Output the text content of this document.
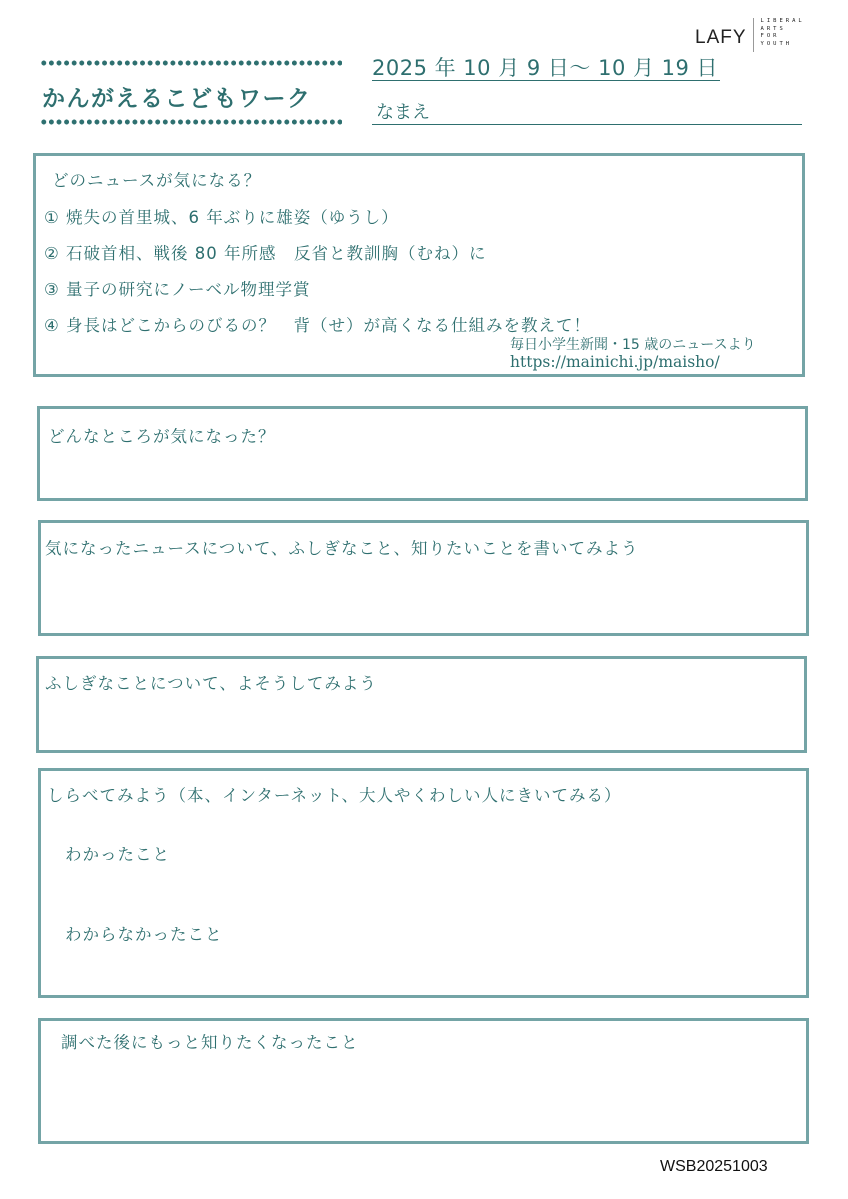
LAFY
LIBERAL
ARTS
FOR
YOUTH
かんがえるこどもワーク
2025 年 10 月 9 日～ 10 月 19 日
なまえ
どのニュースが気になる？
① 焼失の首里城、6 年ぶりに雄姿（ゆうし）
② 石破首相、戦後 80 年所感　反省と教訓胸（むね）に
③ 量子の研究にノーベル物理学賞
④ 身長はどこからのびるの？　背（せ）が高くなる仕組みを教えて！
毎日小学生新聞・15 歳のニュースより
https://mainichi.jp/maisho/
どんなところが気になった？
気になったニュースについて、ふしぎなこと、知りたいことを書いてみよう
ふしぎなことについて、よそうしてみよう
しらべてみよう（本、インターネット、大人やくわしい人にきいてみる）
わかったこと
わからなかったこと
調べた後にもっと知りたくなったこと
WSB20251003
